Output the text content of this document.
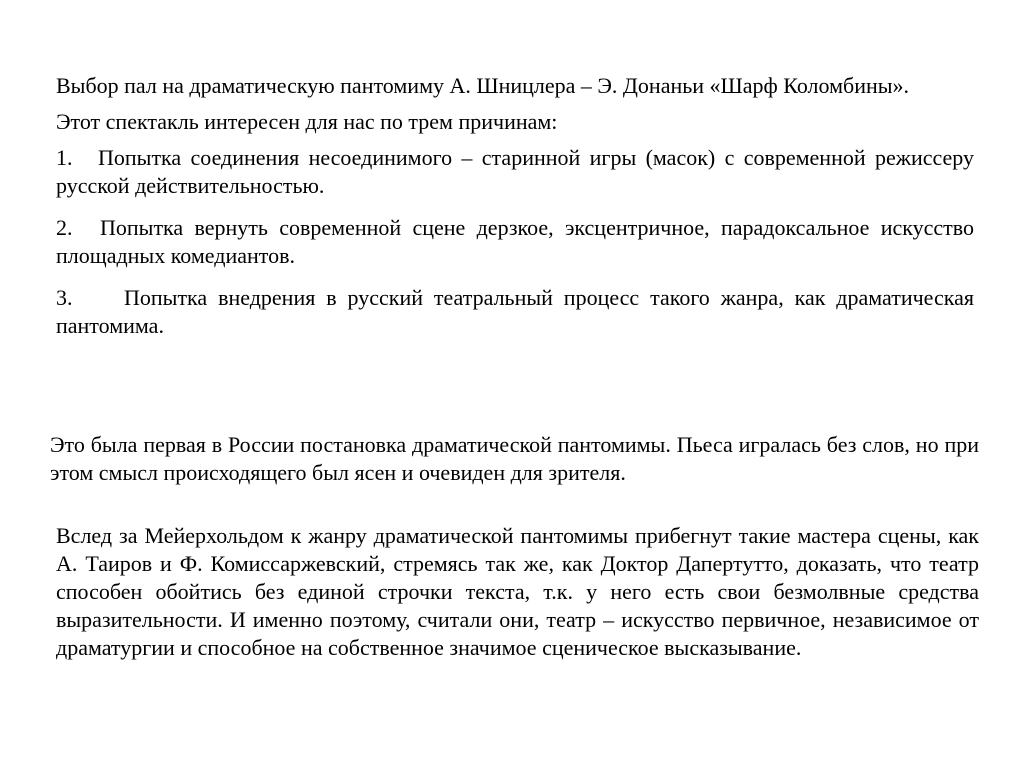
Выбор пал на драматическую пантомиму А. Шницлера – Э. Донаньи «Шарф Коломбины».

Этот спектакль интересен для нас по трем причинам:

1. Попытка соединения несоединимого – старинной игры (масок) с современной режиссеру русской действительностью.

2. Попытка вернуть современной сцене дерзкое, эксцентричное, парадоксальное искусство площадных комедиантов.

3. Попытка внедрения в русский театральный процесс такого жанра, как драматическая пантомима.

Это была первая в России постановка драматической пантомимы. Пьеса игралась без слов, но при этом смысл происходящего был ясен и очевиден для зрителя.

Вслед за Мейерхольдом к жанру драматической пантомимы прибегнут такие мастера сцены, как А. Таиров и Ф. Комиссаржевский, стремясь так же, как Доктор Дапертутто, доказать, что театр способен обойтись без единой строчки текста, т.к. у него есть свои безмолвные средства выразительности. И именно поэтому, считали они, театр – искусство первичное, независимое от драматургии и способное на собственное значимое сценическое высказывание.
